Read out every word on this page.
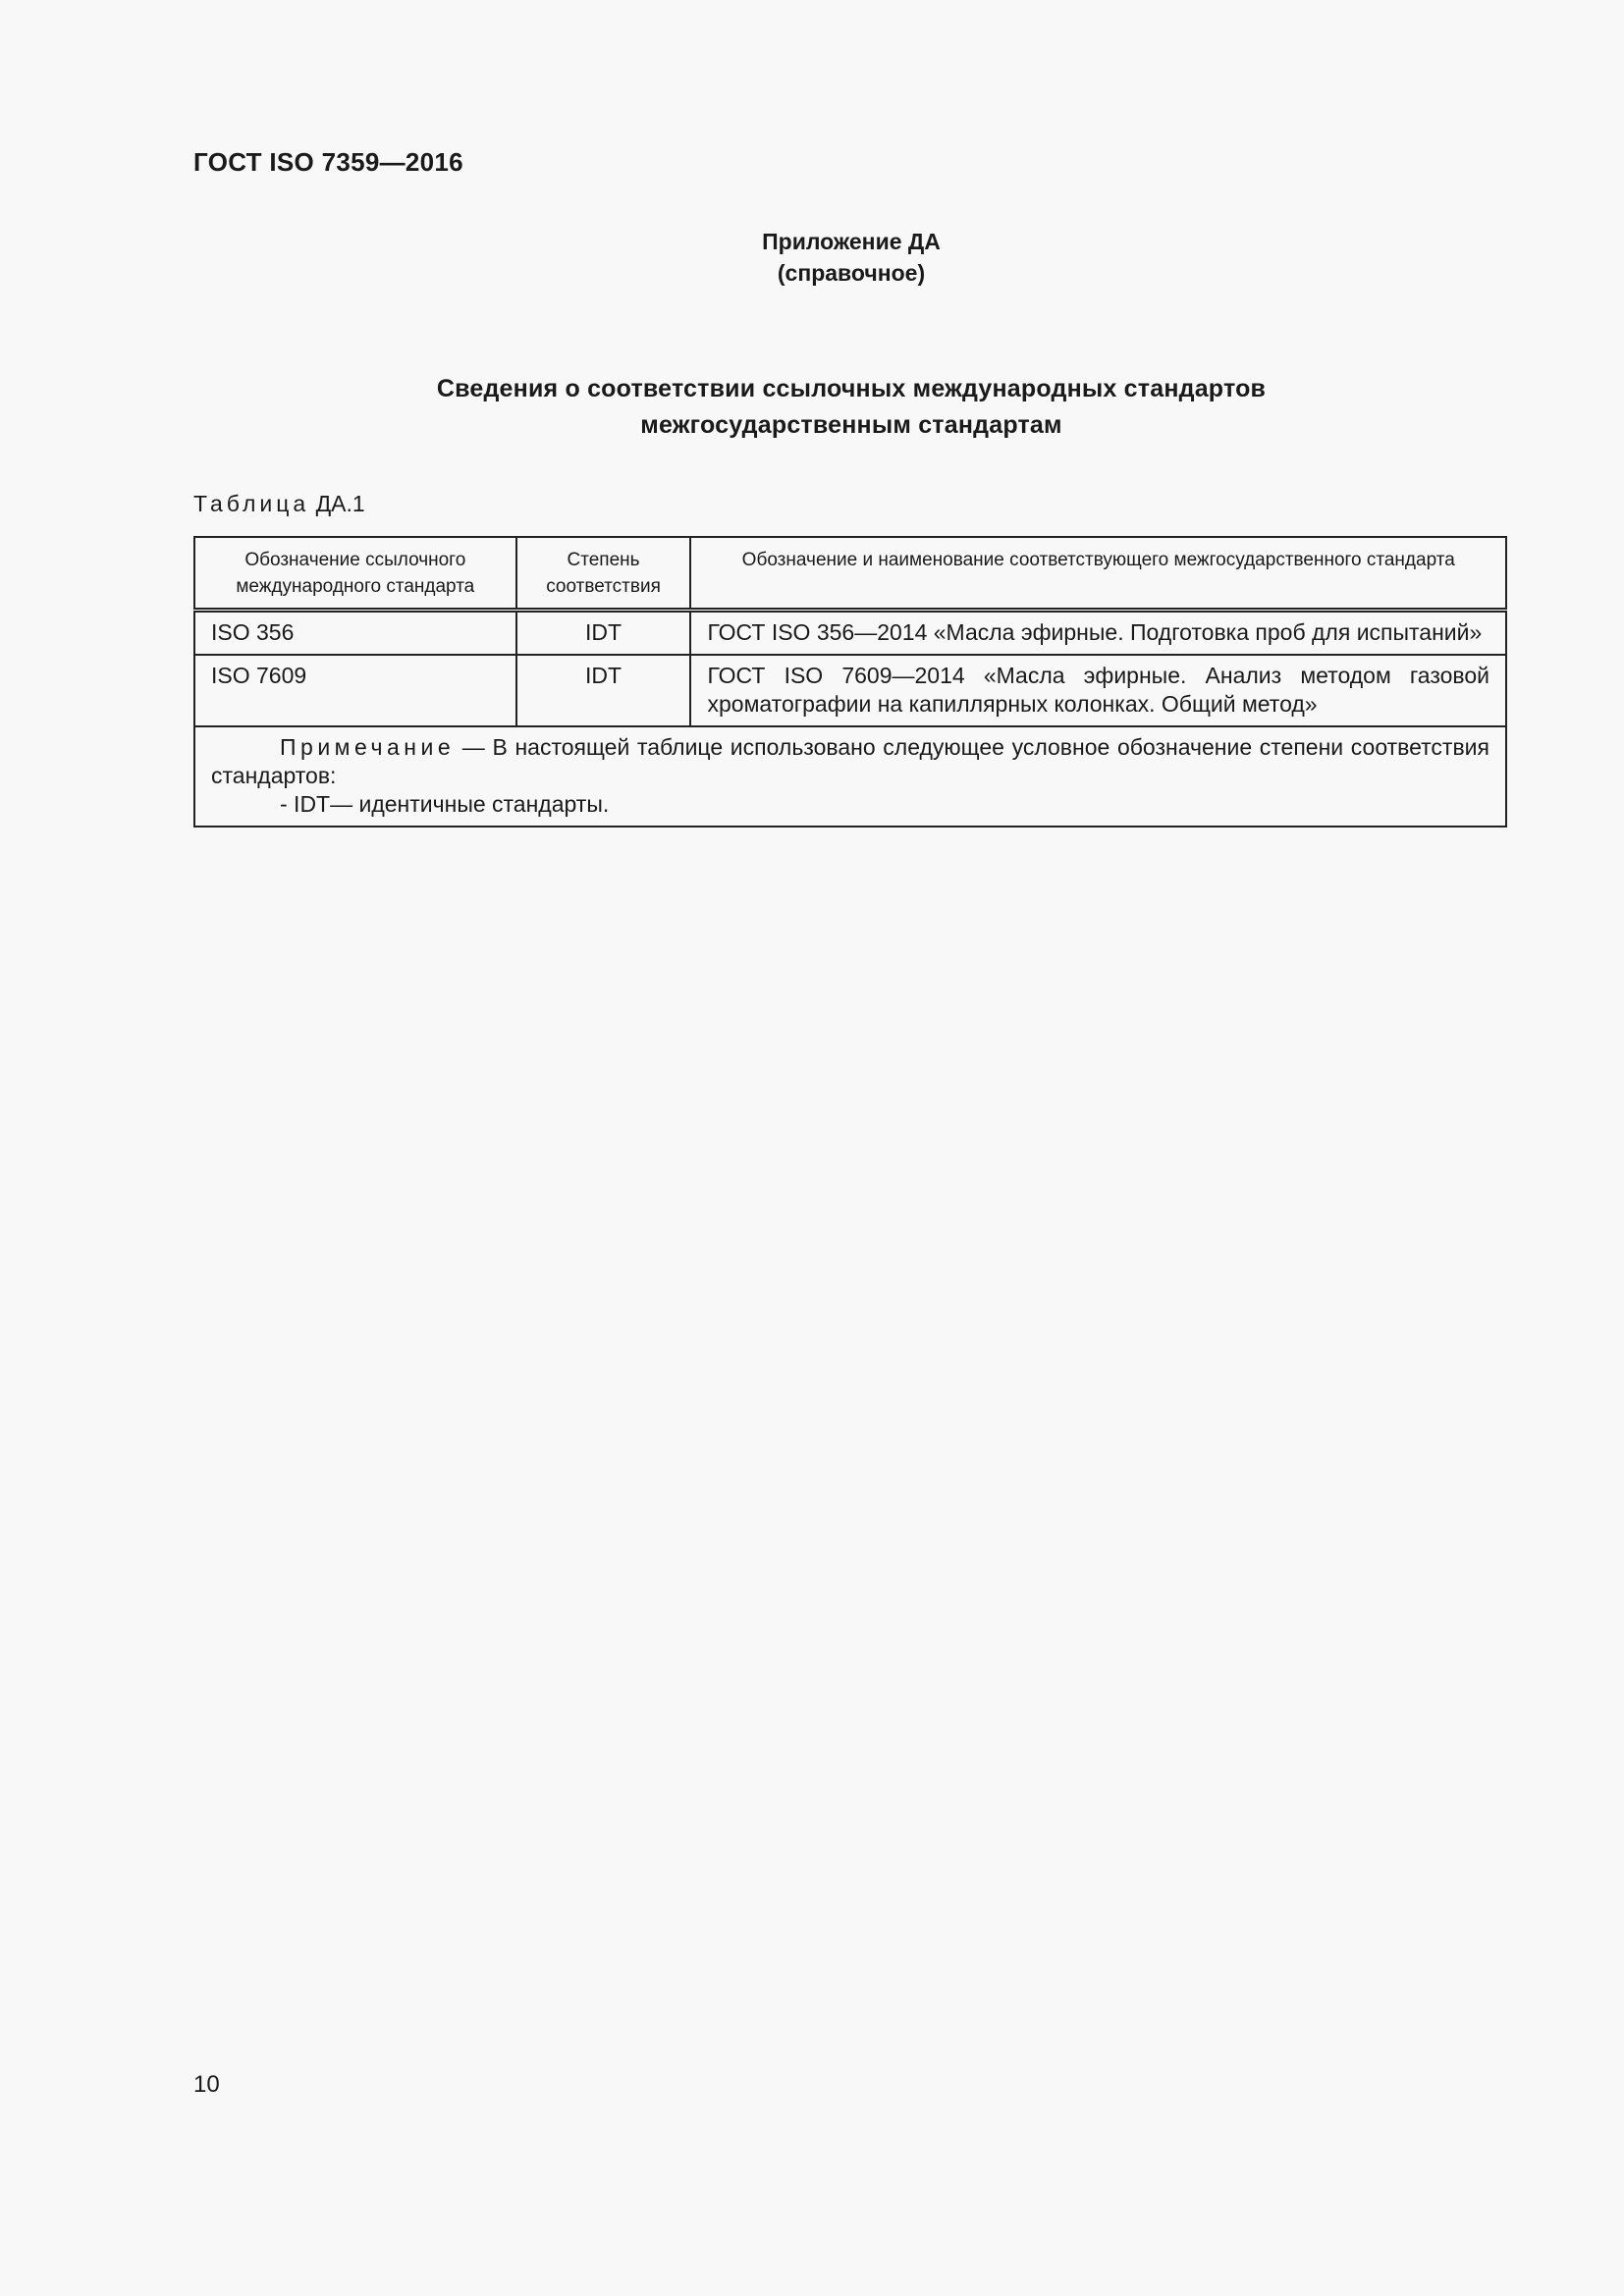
ГОСТ ISO 7359—2016
Приложение ДА
(справочное)
Сведения о соответствии ссылочных международных стандартов
межгосударственным стандартам
Таблица ДА.1
Обозначение ссылочного международного стандарта	Степень соответствия	Обозначение и наименование соответствующего межгосударственного стандарта
ISO 356	IDT	ГОСТ ISO 356—2014 «Масла эфирные. Подготовка проб для испытаний»
ISO 7609	IDT	ГОСТ ISO 7609—2014 «Масла эфирные. Анализ методом газовой хроматографии на капиллярных колонках. Общий метод»

Примечание — В настоящей таблице использовано следующее условное обозначение степени соответствия стандартов:
- IDT— идентичные стандарты.		
10
